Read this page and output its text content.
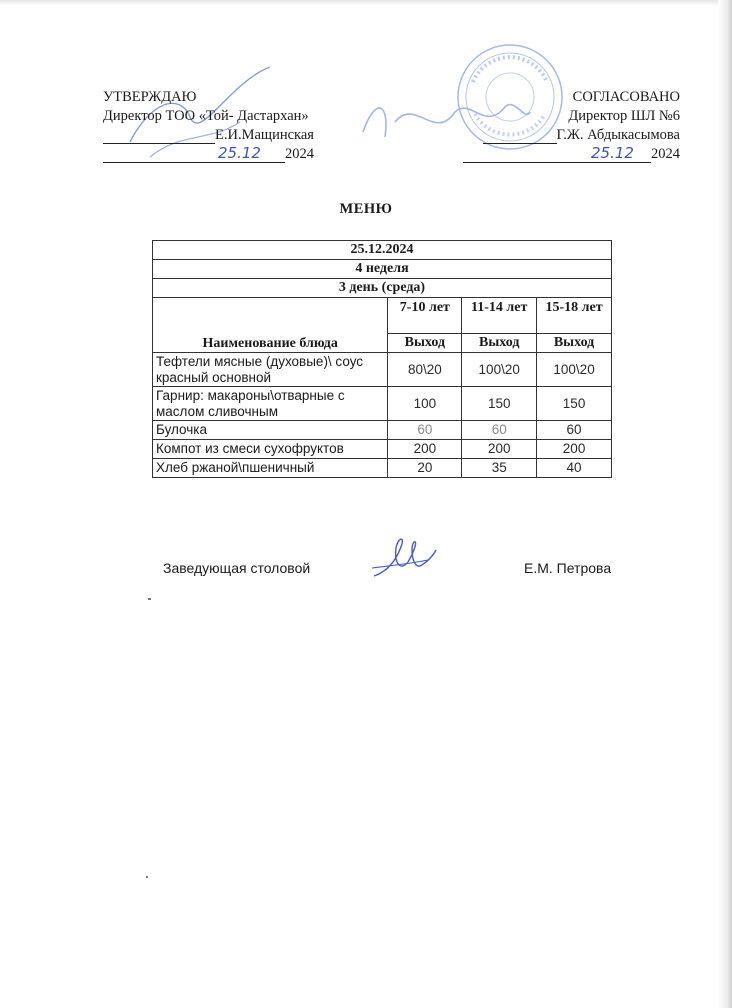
УТВЕРЖДАЮ
Директор ТОО «Той- Дастархан»
Е.И.Мащинская
25.12 2024
СОГЛАСОВАНО
Директор ШЛ №6
Г.Ж. Абдыкасымова
25.12 2024
МЕНЮ
25.12.2024			
4 неделя			
3 день (среда)			
	7-10 лет	11-14 лет	15-18 лет
Наименование блюда	Выход	Выход	Выход
Тефтели мясные (духовые)\ соус красный основной	80\20	100\20	100\20
Гарнир: макароны\отварные с маслом сливочным	100	150	150
Булочка	60	60	60
Компот из смеси сухофруктов	200	200	200
Хлеб ржаной\пшеничный	20	35	40
Заведующая столовой	Е.М. Петрова
